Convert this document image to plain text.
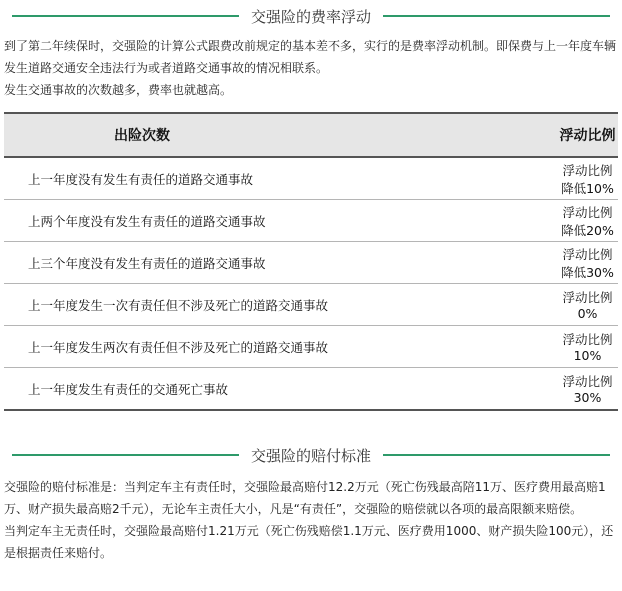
交强险的费率浮动

到了第二年续保时，交强险的计算公式跟费改前规定的基本差不多，实行的是费率浮动机制。即保费与上一年度车辆发生道路交通安全违法行为或者道路交通事故的情况相联系。

发生交通事故的次数越多，费率也就越高。

出险次数	浮动比例
上一年度没有发生有责任的道路交通事故	浮动比例降低10%
上两个年度没有发生有责任的道路交通事故	浮动比例降低20%
上三个年度没有发生有责任的道路交通事故	浮动比例降低30%
上一年度发生一次有责任但不涉及死亡的道路交通事故	浮动比例0%
上一年度发生两次有责任但不涉及死亡的道路交通事故	浮动比例10%
上一年度发生有责任的交通死亡事故	浮动比例30%
交强险的赔付标准

交强险的赔付标准是：当判定车主有责任时，交强险最高赔付12.2万元（死亡伤残最高陪11万、医疗费用最高赔1万、财产损失最高赔2千元），无论车主责任大小，凡是“有责任”，交强险的赔偿就以各项的最高限额来赔偿。

当判定车主无责任时，交强险最高赔付1.21万元（死亡伤残赔偿1.1万元、医疗费用1000、财产损失险100元），还是根据责任来赔付。
